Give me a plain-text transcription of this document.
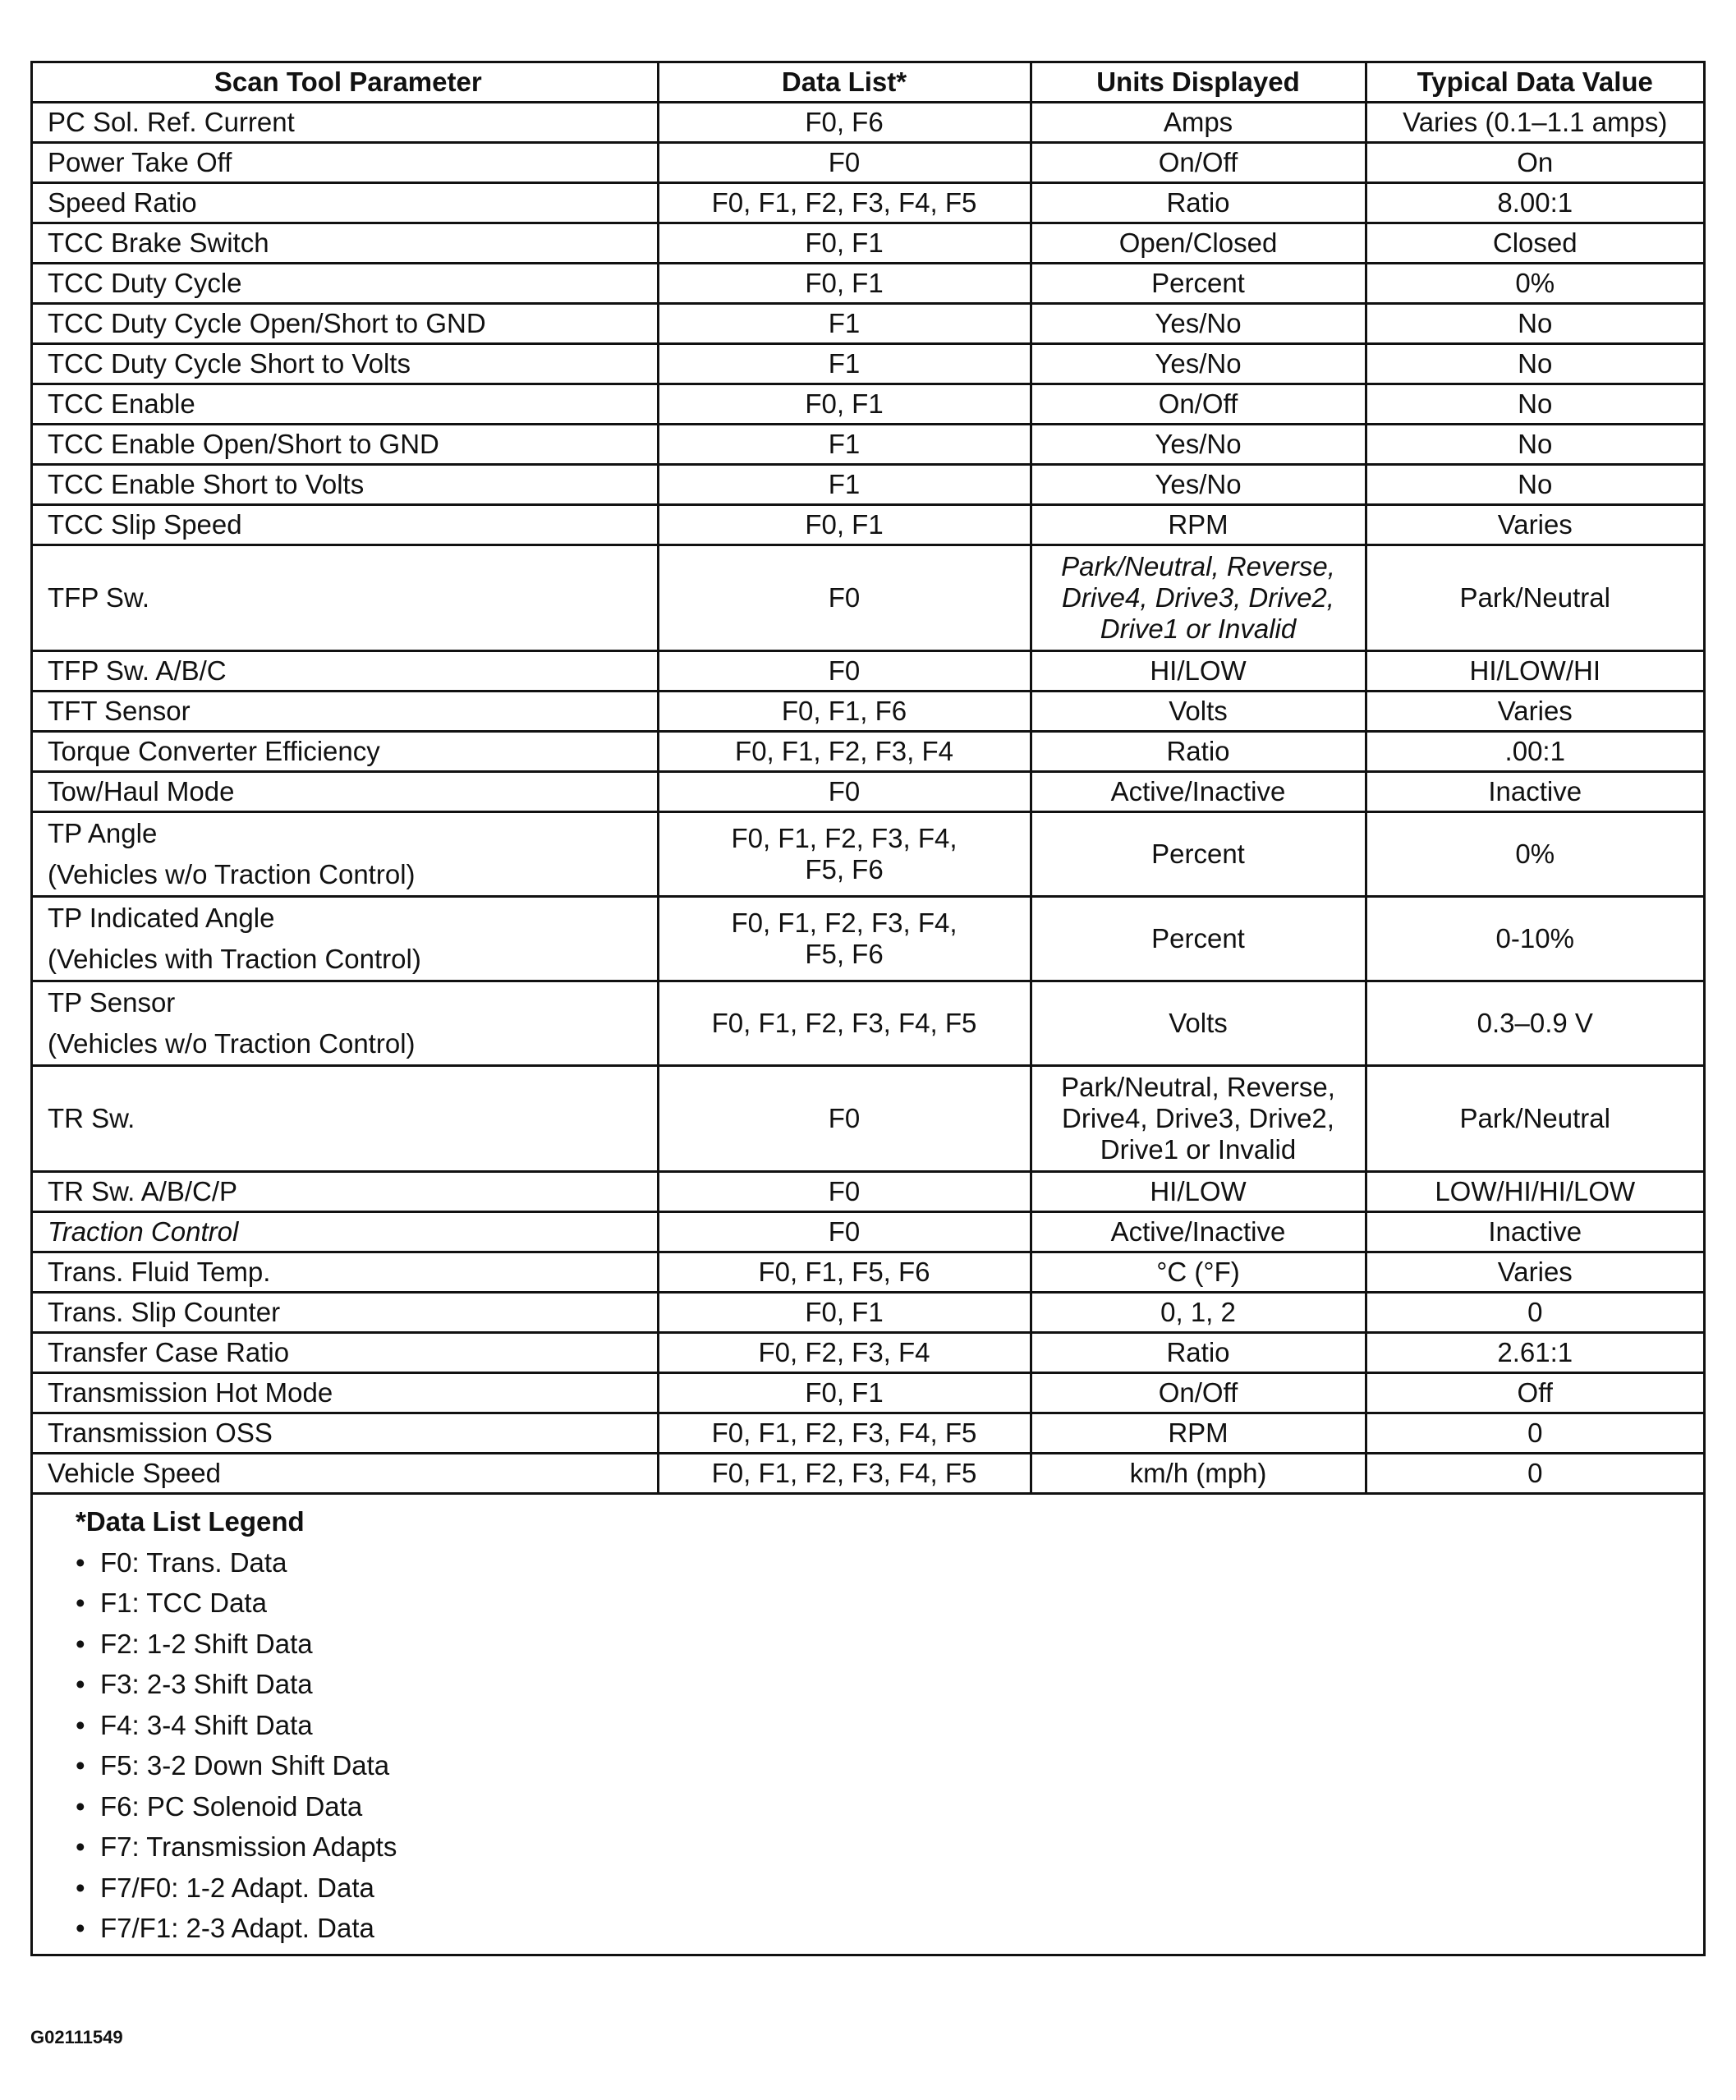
Scan Tool Parameter	Data List*	Units Displayed	Typical Data Value

PC Sol. Ref. Current	F0, F6	Amps	Varies (0.1–1.1 amps)

Power Take Off	F0	On/Off	On

Speed Ratio	F0, F1, F2, F3, F4, F5	Ratio	8.00:1

TCC Brake Switch	F0, F1	Open/Closed	Closed

TCC Duty Cycle	F0, F1	Percent	0%

TCC Duty Cycle Open/Short to GND	F1	Yes/No	No

TCC Duty Cycle Short to Volts	F1	Yes/No	No

TCC Enable	F0, F1	On/Off	No

TCC Enable Open/Short to GND	F1	Yes/No	No

TCC Enable Short to Volts	F1	Yes/No	No

TCC Slip Speed	F0, F1	RPM	Varies

TFP Sw.	F0	Park/Neutral, Reverse,
Drive4, Drive3, Drive2,
Drive1 or Invalid	Park/Neutral

TFP Sw. A/B/C	F0	HI/LOW	HI/LOW/HI

TFT Sensor	F0, F1, F6	Volts	Varies

Torque Converter Efficiency	F0, F1, F2, F3, F4	Ratio	.00:1

Tow/Haul Mode	F0	Active/Inactive	Inactive

TP Angle
(Vehicles w/o Traction Control)	F0, F1, F2, F3, F4,
F5, F6	Percent	0%

TP Indicated Angle
(Vehicles with Traction Control)	F0, F1, F2, F3, F4,
F5, F6	Percent	0-10%

TP Sensor
(Vehicles w/o Traction Control)	F0, F1, F2, F3, F4, F5	Volts	0.3–0.9 V

TR Sw.	F0	Park/Neutral, Reverse,
Drive4, Drive3, Drive2,
Drive1 or Invalid	Park/Neutral

TR Sw. A/B/C/P	F0	HI/LOW	LOW/HI/HI/LOW

Traction Control	F0	Active/Inactive	Inactive

Trans. Fluid Temp.	F0, F1, F5, F6	°C (°F)	Varies

Trans. Slip Counter	F0, F1	0, 1, 2	0

Transfer Case Ratio	F0, F2, F3, F4	Ratio	2.61:1

Transmission Hot Mode	F0, F1	On/Off	Off

Transmission OSS	F0, F1, F2, F3, F4, F5	RPM	0

Vehicle Speed	F0, F1, F2, F3, F4, F5	km/h (mph)	0
*Data List Legend
• F0: Trans. Data
• F1: TCC Data
• F2: 1-2 Shift Data
• F3: 2-3 Shift Data
• F4: 3-4 Shift Data
• F5: 3-2 Down Shift Data
• F6: PC Solenoid Data
• F7: Transmission Adapts
• F7/F0: 1-2 Adapt. Data
• F7/F1: 2-3 Adapt. Data
G02111549
